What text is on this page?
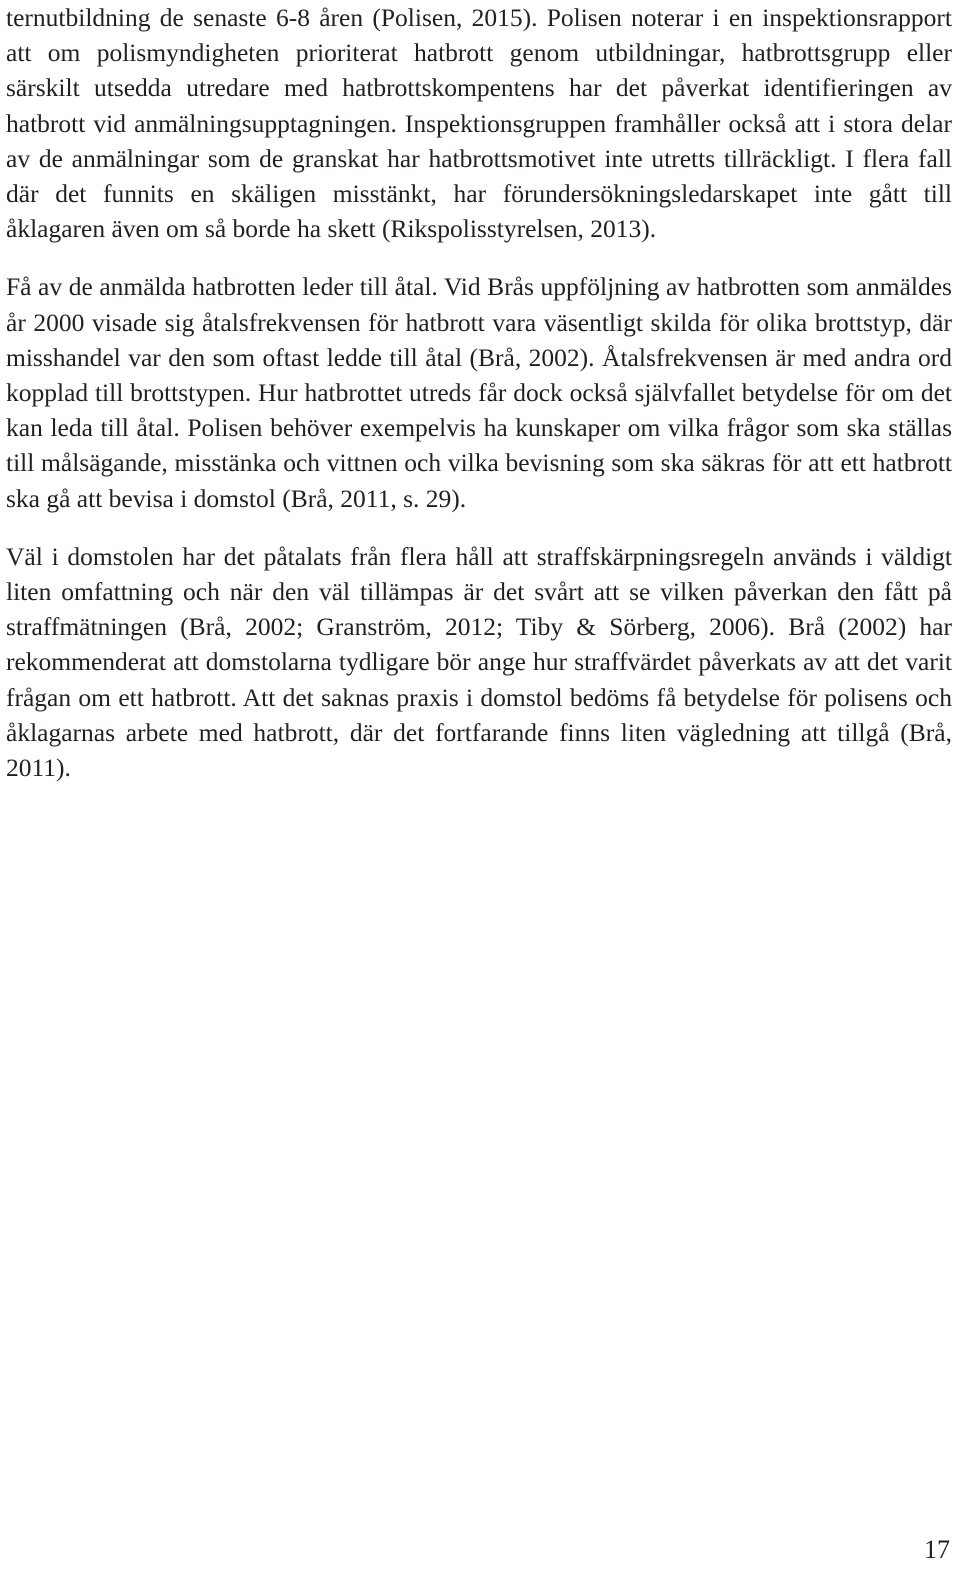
ternutbildning de senaste 6-8 åren (Polisen, 2015). Polisen noterar i en inspektionsrapport att om polismyndigheten prioriterat hatbrott genom utbildningar, hatbrottsgrupp eller särskilt utsedda utredare med hatbrottskompentens har det påverkat identifieringen av hatbrott vid anmälningsupptagningen. Inspektionsgruppen framhåller också att i stora delar av de anmälningar som de granskat har hatbrottsmotivet inte utretts tillräckligt. I flera fall där det funnits en skäligen misstänkt, har förundersökningsledarskapet inte gått till åklagaren även om så borde ha skett (Rikspolisstyrelsen, 2013).

Få av de anmälda hatbrotten leder till åtal. Vid Brås uppföljning av hatbrotten som anmäldes år 2000 visade sig åtalsfrekvensen för hatbrott vara väsentligt skilda för olika brottstyp, där misshandel var den som oftast ledde till åtal (Brå, 2002). Åtalsfrekvensen är med andra ord kopplad till brottstypen. Hur hatbrottet utreds får dock också självfallet betydelse för om det kan leda till åtal. Polisen behöver exempelvis ha kunskaper om vilka frågor som ska ställas till målsägande, misstänka och vittnen och vilka bevisning som ska säkras för att ett hatbrott ska gå att bevisa i domstol (Brå, 2011, s. 29).

Väl i domstolen har det påtalats från flera håll att straffskärpningsregeln används i väldigt liten omfattning och när den väl tillämpas är det svårt att se vilken påverkan den fått på straffmätningen (Brå, 2002; Granström, 2012; Tiby & Sörberg, 2006). Brå (2002) har rekommenderat att domstolarna tydligare bör ange hur straffvärdet påverkats av att det varit frågan om ett hatbrott. Att det saknas praxis i domstol bedöms få betydelse för polisens och åklagarnas arbete med hatbrott, där det fortfarande finns liten vägledning att tillgå (Brå, 2011).

17
